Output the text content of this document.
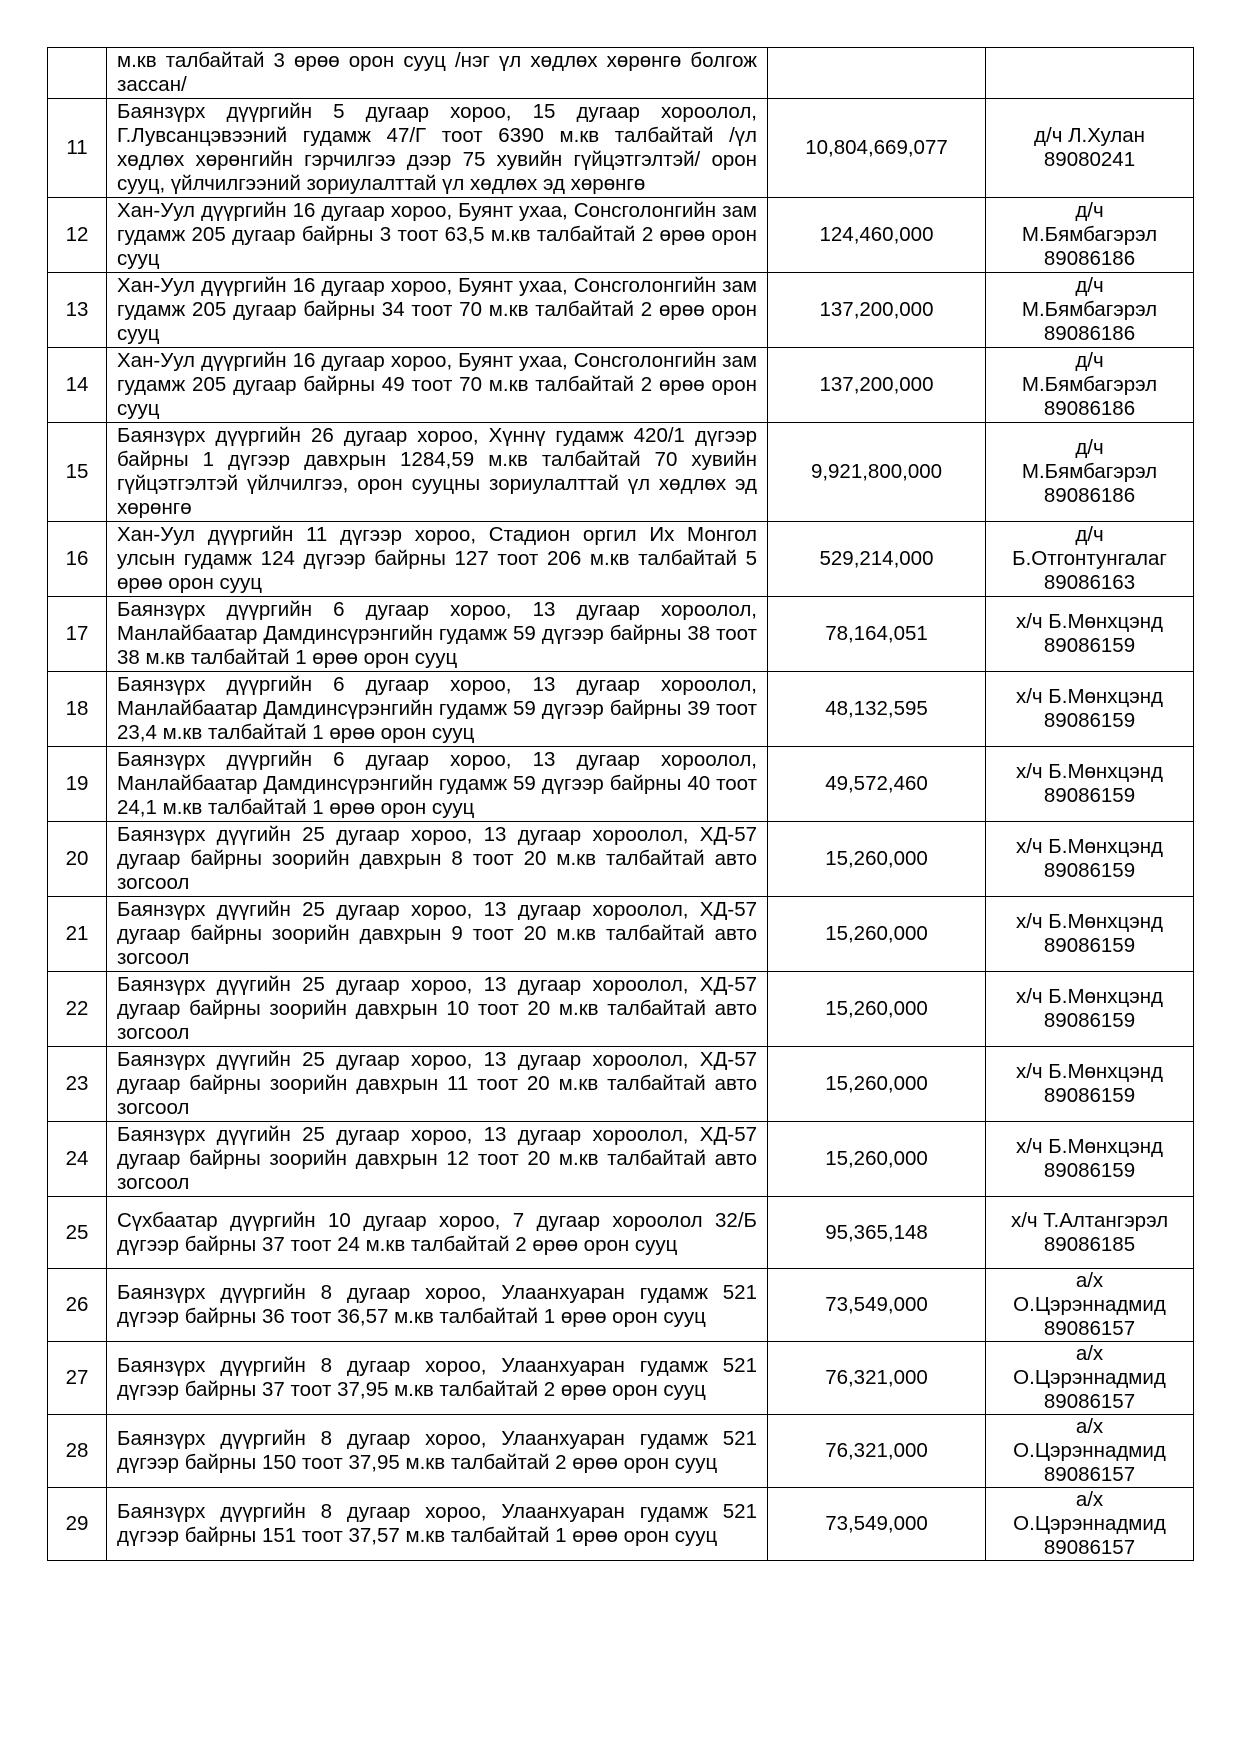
	м.кв талбайтай 3 өрөө орон сууц /нэг үл хөдлөх хөрөнгө болгож зассан/		
11	Баянзүрх дүүргийн 5 дугаар хороо, 15 дугаар хороолол, Г.Лувсанцэвээний гудамж 47/Г тоот 6390 м.кв талбайтай /үл хөдлөх хөрөнгийн гэрчилгээ дээр 75 хувийн гүйцэтгэлтэй/ орон сууц, үйлчилгээний зориулалттай үл хөдлөх эд хөрөнгө	10,804,669,077	д/ч Л.Хулан
89080241

12	Хан-Уул дүүргийн 16 дугаар хороо, Буянт ухаа, Сонсголонгийн зам гудамж 205 дугаар байрны 3 тоот 63,5 м.кв талбайтай 2 өрөө орон сууц	124,460,000	д/ч
М.Бямбагэрэл
89086186

13	Хан-Уул дүүргийн 16 дугаар хороо, Буянт ухаа, Сонсголонгийн зам гудамж 205 дугаар байрны 34 тоот 70 м.кв талбайтай 2 өрөө орон сууц	137,200,000	д/ч
М.Бямбагэрэл
89086186

14	Хан-Уул дүүргийн 16 дугаар хороо, Буянт ухаа, Сонсголонгийн зам гудамж 205 дугаар байрны 49 тоот 70 м.кв талбайтай 2 өрөө орон сууц	137,200,000	д/ч
М.Бямбагэрэл
89086186

15	Баянзүрх дүүргийн 26 дугаар хороо, Хүннү гудамж 420/1 дүгээр байрны 1 дүгээр давхрын 1284,59 м.кв талбайтай 70 хувийн гүйцэтгэлтэй үйлчилгээ, орон сууцны зориулалттай үл хөдлөх эд хөрөнгө	9,921,800,000	д/ч
М.Бямбагэрэл
89086186

16	Хан-Уул дүүргийн 11 дүгээр хороо, Стадион оргил Их Монгол улсын гудамж 124 дүгээр байрны 127 тоот 206 м.кв талбайтай 5 өрөө орон сууц	529,214,000	д/ч
Б.Отгонтунгалаг
89086163

17	Баянзүрх дүүргийн 6 дугаар хороо, 13 дугаар хороолол, Манлайбаатар Дамдинсүрэнгийн гудамж 59 дүгээр байрны 38 тоот 38 м.кв талбайтай 1 өрөө орон сууц	78,164,051	х/ч Б.Мөнхцэнд
89086159

18	Баянзүрх дүүргийн 6 дугаар хороо, 13 дугаар хороолол, Манлайбаатар Дамдинсүрэнгийн гудамж 59 дүгээр байрны 39 тоот 23,4 м.кв талбайтай 1 өрөө орон сууц	48,132,595	х/ч Б.Мөнхцэнд
89086159

19	Баянзүрх дүүргийн 6 дугаар хороо, 13 дугаар хороолол, Манлайбаатар Дамдинсүрэнгийн гудамж 59 дүгээр байрны 40 тоот 24,1 м.кв талбайтай 1 өрөө орон сууц	49,572,460	х/ч Б.Мөнхцэнд
89086159

20	Баянзүрх дүүгийн 25 дугаар хороо, 13 дугаар хороолол, ХД-57 дугаар байрны зоорийн давхрын 8 тоот 20 м.кв талбайтай авто зогсоол	15,260,000	х/ч Б.Мөнхцэнд
89086159

21	Баянзүрх дүүгийн 25 дугаар хороо, 13 дугаар хороолол, ХД-57 дугаар байрны зоорийн давхрын 9 тоот 20 м.кв талбайтай авто зогсоол	15,260,000	х/ч Б.Мөнхцэнд
89086159

22	Баянзүрх дүүгийн 25 дугаар хороо, 13 дугаар хороолол, ХД-57 дугаар байрны зоорийн давхрын 10 тоот 20 м.кв талбайтай авто зогсоол	15,260,000	х/ч Б.Мөнхцэнд
89086159

23	Баянзүрх дүүгийн 25 дугаар хороо, 13 дугаар хороолол, ХД-57 дугаар байрны зоорийн давхрын 11 тоот 20 м.кв талбайтай авто зогсоол	15,260,000	х/ч Б.Мөнхцэнд
89086159

24	Баянзүрх дүүгийн 25 дугаар хороо, 13 дугаар хороолол, ХД-57 дугаар байрны зоорийн давхрын 12 тоот 20 м.кв талбайтай авто зогсоол	15,260,000	х/ч Б.Мөнхцэнд
89086159

25	Сүхбаатар дүүргийн 10 дугаар хороо, 7 дугаар хороолол 32/Б дүгээр байрны 37 тоот 24 м.кв талбайтай 2 өрөө орон сууц	95,365,148	х/ч Т.Алтангэрэл
89086185

26	Баянзүрх дүүргийн 8 дугаар хороо, Улаанхуаран гудамж 521 дүгээр байрны 36 тоот 36,57 м.кв талбайтай 1 өрөө орон сууц	73,549,000	а/х
О.Цэрэннадмид
89086157

27	Баянзүрх дүүргийн 8 дугаар хороо, Улаанхуаран гудамж 521 дүгээр байрны 37 тоот 37,95 м.кв талбайтай 2 өрөө орон сууц	76,321,000	а/х
О.Цэрэннадмид
89086157

28	Баянзүрх дүүргийн 8 дугаар хороо, Улаанхуаран гудамж 521 дүгээр байрны 150 тоот 37,95 м.кв талбайтай 2 өрөө орон сууц	76,321,000	а/х
О.Цэрэннадмид
89086157

29	Баянзүрх дүүргийн 8 дугаар хороо, Улаанхуаран гудамж 521 дүгээр байрны 151 тоот 37,57 м.кв талбайтай 1 өрөө орон сууц	73,549,000	а/х
О.Цэрэннадмид
89086157
